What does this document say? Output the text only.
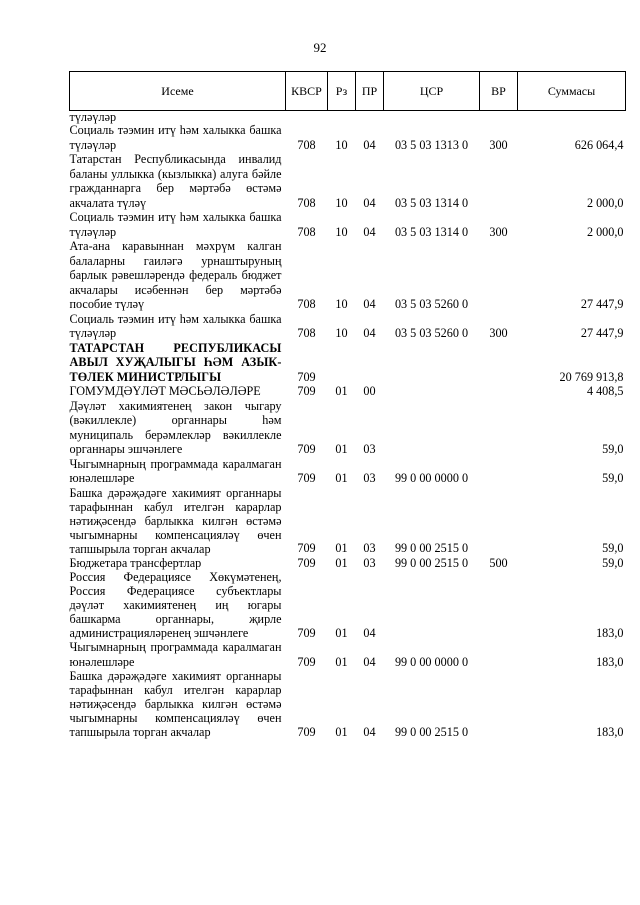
92
Исеме	КВСР	Рз	ПР	ЦСР	ВР	Суммасы
түләүләр						
Социаль тәэмин итү һәм халыкка башка түләүләр	708	10	04	03 5 03 1313 0	300	626 064,4
Татарстан Республикасында инвалид баланы уллыкка (кызлыкка) алуга бәйле гражданнарга бер мәртәбә өстәмә акчалата түләү	708	10	04	03 5 03 1314 0		2 000,0
Социаль тәэмин итү һәм халыкка башка түләүләр	708	10	04	03 5 03 1314 0	300	2 000,0
Ата-ана каравыннан мәхрүм калган балаларны гаиләгә урнаштыруның барлык рәвешләрендә федераль бюджет акчалары исәбеннән бер мәртәбә пособие түләү	708	10	04	03 5 03 5260 0		27 447,9
Социаль тәэмин итү һәм халыкка башка түләүләр	708	10	04	03 5 03 5260 0	300	27 447,9
ТАТАРСТАН РЕСПУБЛИКАСЫ АВЫЛ ХУҖАЛЫГЫ ҺӘМ АЗЫК-ТӨЛЕК МИНИСТРЛЫГЫ	709					20 769 913,8
ГОМУМДӘҮЛӘТ МӘСЬӘЛӘЛӘРЕ	709	01	00			4 408,5
Дәүләт хакимиятенең закон чыгару (вәкиллекле) органнары һәм муниципаль берәмлекләр вәкиллекле органнары эшчәнлеге	709	01	03			59,0
Чыгымнарның программада каралмаган юнәлешләре	709	01	03	99 0 00 0000 0		59,0
Башка дәрәҗәдәге хакимият органнары тарафыннан кабул ителгән карарлар нәтиҗәсендә барлыкка килгән өстәмә чыгымнарны компенсацияләү өчен тапшырыла торган акчалар	709	01	03	99 0 00 2515 0		59,0
Бюджетара трансфертлар	709	01	03	99 0 00 2515 0	500	59,0
Россия Федерациясе Хөкүмәтенең, Россия Федерациясе субъектлары дәүләт хакимиятенең иң югары башкарма органнары, җирле администрацияләренең эшчәнлеге	709	01	04			183,0
Чыгымнарның программада каралмаган юнәлешләре	709	01	04	99 0 00 0000 0		183,0
Башка дәрәҗәдәге хакимият органнары тарафыннан кабул ителгән карарлар нәтиҗәсендә барлыкка килгән өстәмә чыгымнарны компенсацияләү өчен тапшырыла торган акчалар	709	01	04	99 0 00 2515 0		183,0
